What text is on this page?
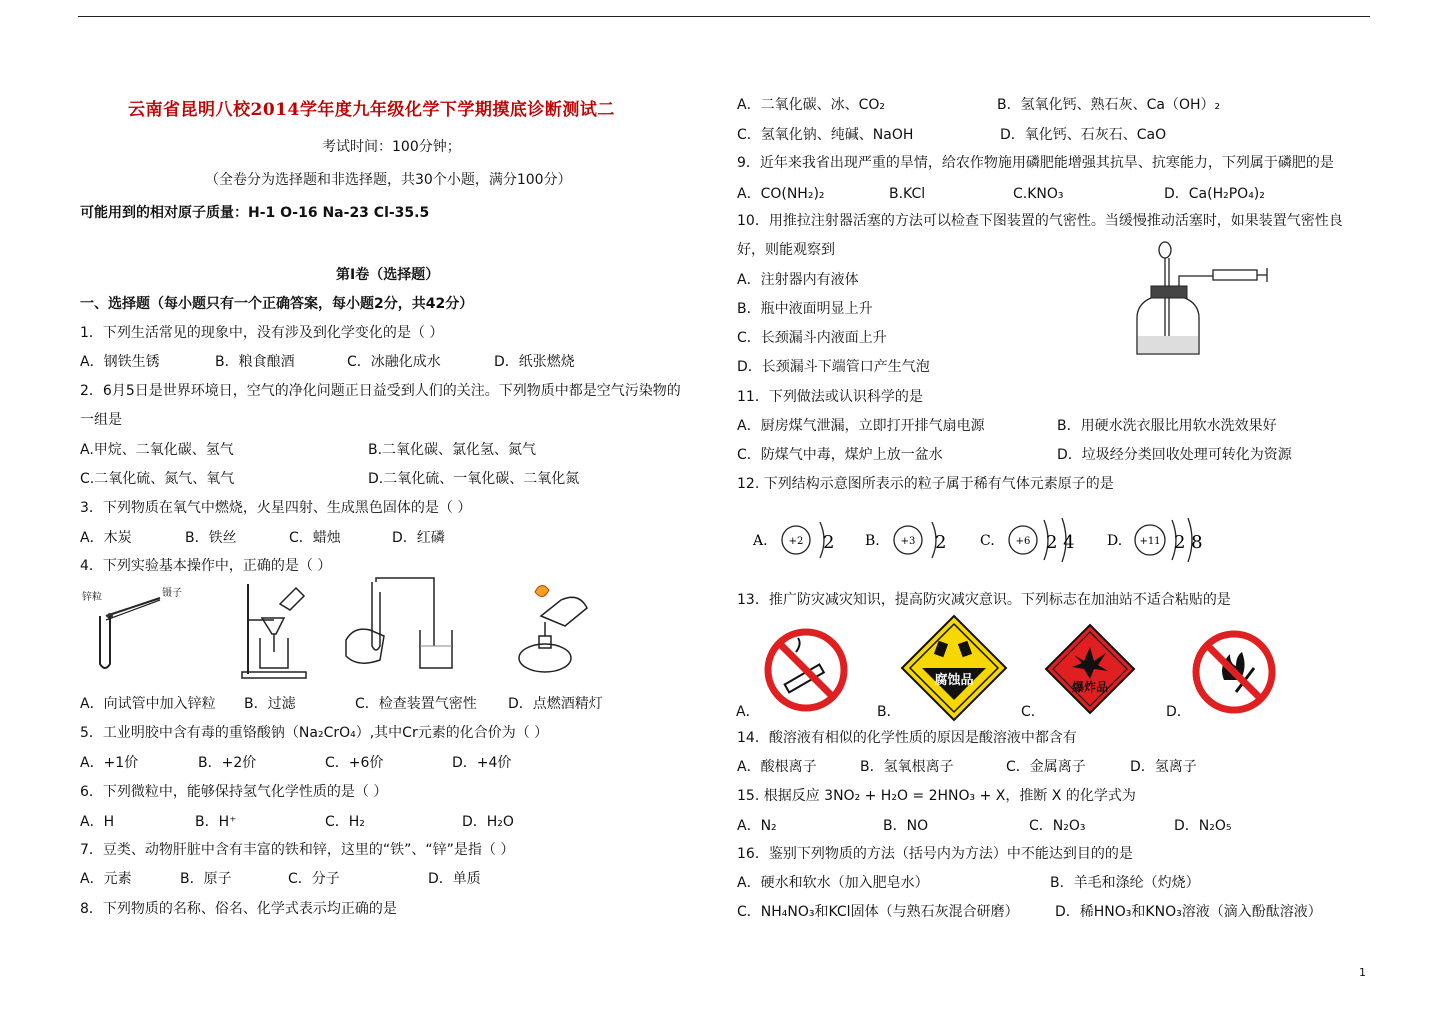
云南省昆明八校2014学年度九年级化学下学期摸底诊断测试二
考试时间：100分钟；
（全卷分为选择题和非选择题，共30个小题，满分100分）
可能用到的相对原子质量：H-1 O-16 Na-23 Cl-35.5
第Ⅰ卷（选择题）
一、选择题（每小题只有一个正确答案，每小题2分，共42分）
1．下列生活常见的现象中，没有涉及到化学变化的是（ ）
A．钢铁生锈	B．粮食酿酒	C．冰融化成水	D．纸张燃烧
2．6月5日是世界环境日，空气的净化问题正日益受到人们的关注。下列物质中都是空气污染物的
一组是
A.甲烷、二氧化碳、氢气	B.二氧化碳、氯化氢、氮气
C.二氧化硫、氮气、氧气	D.二氧化硫、一氧化碳、二氧化氮
3．下列物质在氧气中燃烧，火星四射、生成黑色固体的是（ ）
A．木炭	B．铁丝	C．蜡烛	D．红磷
4．下列实验基本操作中，正确的是（ ）
锌粒	镊子
A．向试管中加入锌粒 B．过滤	C．检查装置气密性 D．点燃酒精灯
5．工业明胶中含有毒的重铬酸钠（Na₂CrO₄）,其中Cr元素的化合价为（ ）
A．+1价	B．+2价	C．+6价	D．+4价
6．下列微粒中，能够保持氢气化学性质的是（ ）
A．H	B．H⁺	C．H₂	D．H₂O
7．豆类、动物肝脏中含有丰富的铁和锌，这里的“铁”、“锌”是指（ ）
A．元素	B．原子	C．分子	D．单质
8．下列物质的名称、俗名、化学式表示均正确的是
A．二氧化碳、冰、CO₂	B．氢氧化钙、熟石灰、Ca（OH）₂
C．氢氧化钠、纯碱、NaOH	D．氧化钙、石灰石、CaO
9．近年来我省出现严重的旱情，给农作物施用磷肥能增强其抗旱、抗寒能力，下列属于磷肥的是
A．CO(NH₂)₂	B.KCl	C.KNO₃	D．Ca(H₂PO₄)₂
10．用推拉注射器活塞的方法可以检查下图装置的气密性。当缓慢推动活塞时，如果装置气密性良
好，则能观察到
A．注射器内有液体
B．瓶中液面明显上升
C．长颈漏斗内液面上升
D．长颈漏斗下端管口产生气泡
11．下列做法或认识科学的是
A．厨房煤气泄漏，立即打开排气扇电源	B．用硬水洗衣服比用软水洗效果好
C．防煤气中毒，煤炉上放一盆水	D．垃圾经分类回收处理可转化为资源
12. 下列结构示意图所表示的粒子属于稀有气体元素原子的是
A. +2 2 B. +3 2 C. +6 2 4 D. +11 2 8
13．推广防灾减灾知识，提高防灾减灾意识。下列标志在加油站不适合粘贴的是
A．
腐蚀品
B．
爆炸品
C．	D．
14．酸溶液有相似的化学性质的原因是酸溶液中都含有
A．酸根离子	B．氢氧根离子	C．金属离子	D．氢离子
15. 根据反应 3NO₂ + H₂O = 2HNO₃ + X，推断 X 的化学式为
A．N₂	B．NO	C．N₂O₃	D．N₂O₅
16．鉴别下列物质的方法（括号内为方法）中不能达到目的的是
A．硬水和软水（加入肥皂水）	B．羊毛和涤纶（灼烧）
C．NH₄NO₃和KCl固体（与熟石灰混合研磨）	D．稀HNO₃和KNO₃溶液（滴入酚酞溶液）
1
